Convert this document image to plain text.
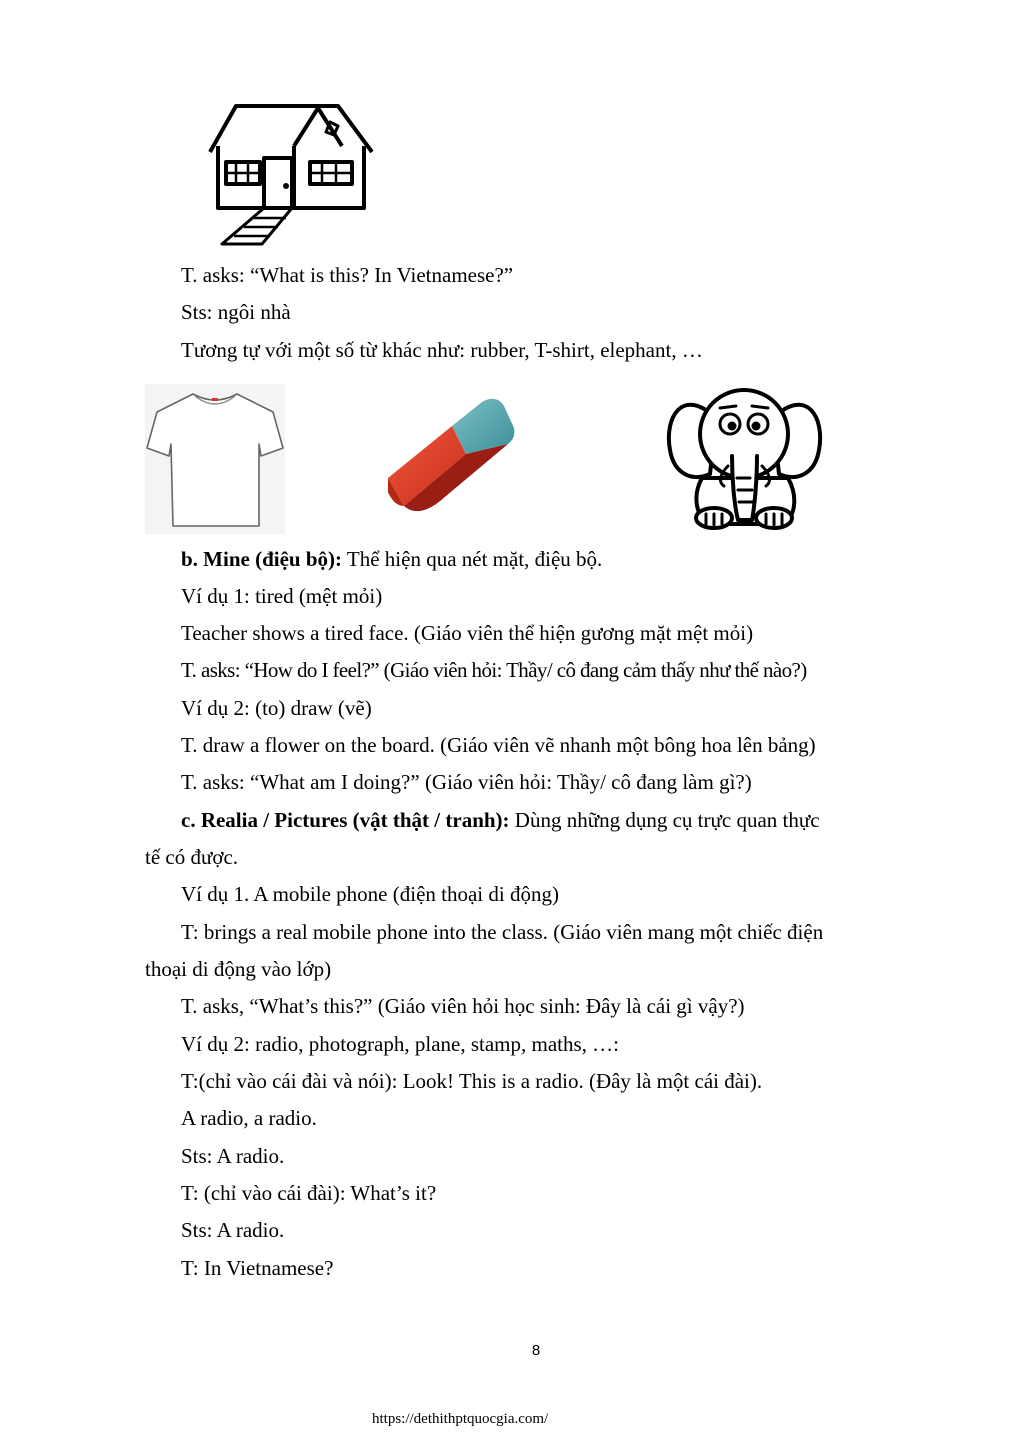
T. asks: “What is this? In Vietnamese?”
Sts: ngôi nhà
Tương tự với một số từ khác như: rubber, T-shirt, elephant, …
b. Mine (điệu bộ): Thể hiện qua nét mặt, điệu bộ.
Ví dụ 1: tired (mệt mỏi)
Teacher shows a tired face. (Giáo viên thể hiện gương mặt mệt mỏi)
T. asks: “How do I feel?” (Giáo viên hỏi: Thầy/ cô đang cảm thấy như thế nào?)
Ví dụ 2: (to) draw (vẽ)
T. draw a flower on the board. (Giáo viên vẽ nhanh một bông hoa lên bảng)
T. asks: “What am I doing?” (Giáo viên hỏi: Thầy/ cô đang làm gì?)
c. Realia / Pictures (vật thật / tranh): Dùng những dụng cụ trực quan thực
tế có được.
Ví dụ 1. A mobile phone (điện thoại di động)
T: brings a real mobile phone into the class. (Giáo viên mang một chiếc điện
thoại di động vào lớp)
T. asks, “What’s this?” (Giáo viên hỏi học sinh: Đây là cái gì vậy?)
Ví dụ 2: radio, photograph, plane, stamp, maths, …:
T:(chỉ vào cái đài và nói): Look! This is a radio. (Đây là một cái đài).
A radio, a radio.
Sts: A radio.
T: (chỉ vào cái đài): What’s it?
Sts: A radio.
T: In Vietnamese?
8
https://dethithptquocgia.com/
